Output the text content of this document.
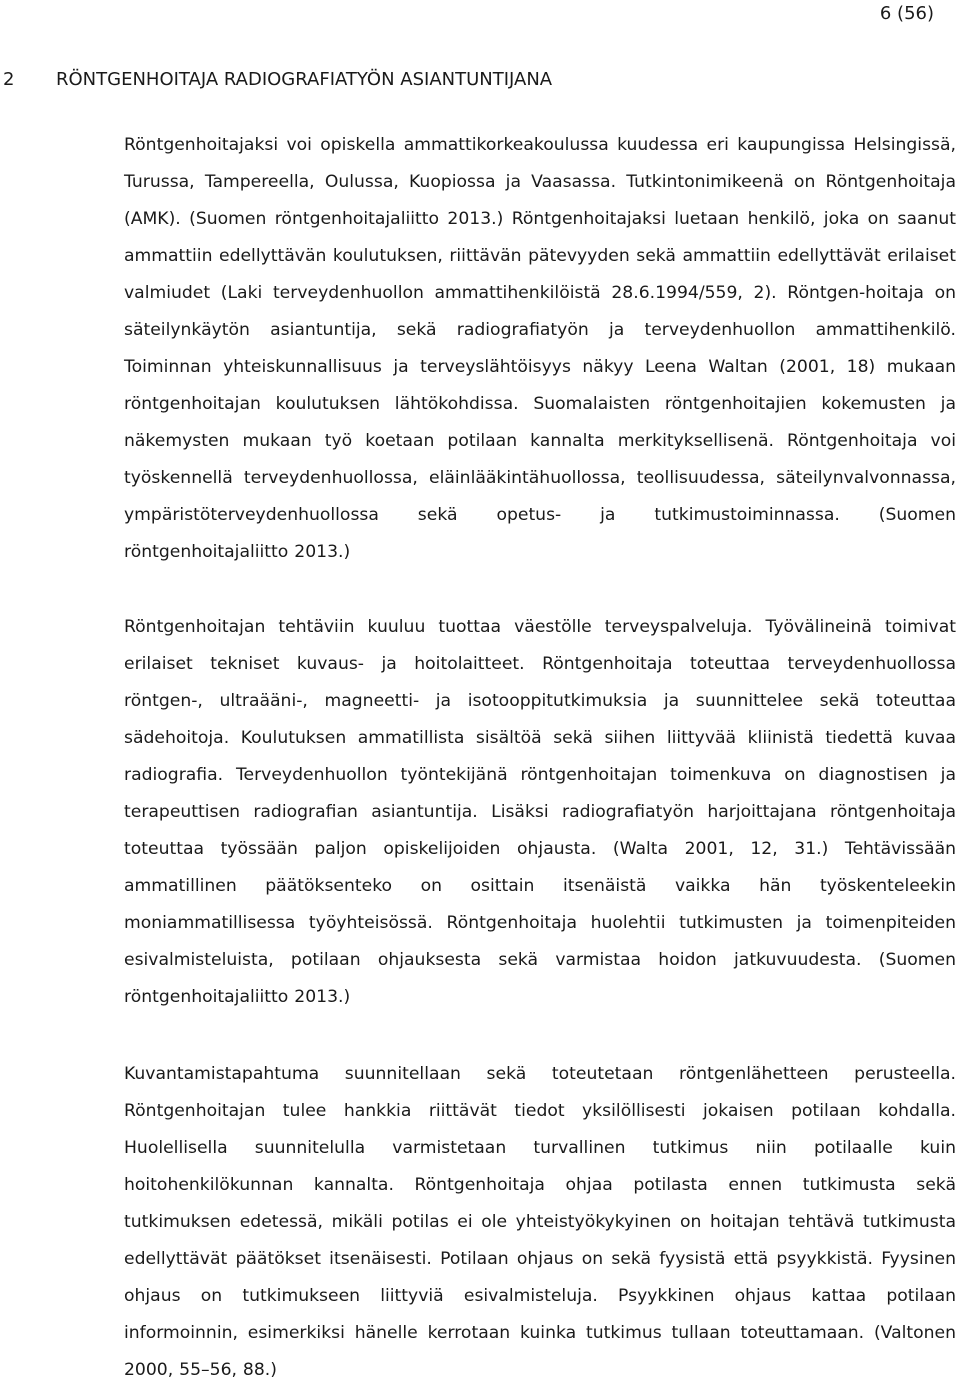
6 (56)
2 RÖNTGENHOITAJA RADIOGRAFIATYÖN ASIANTUNTIJANA

Röntgenhoitajaksi voi opiskella ammattikorkeakoulussa kuudessa eri kaupungissa Helsingissä, Turussa, Tampereella, Oulussa, Kuopiossa ja Vaasassa. Tutkintonimikeenä on Röntgenhoitaja (AMK). (Suomen röntgenhoitajaliitto 2013.) Röntgenhoitajaksi luetaan henkilö, joka on saanut ammattiin edellyttävän koulutuksen, riittävän pätevyyden sekä ammattiin edellyttävät erilaiset valmiudet (Laki terveydenhuollon ammattihenkilöistä 28.6.1994/559, 2). Röntgen-hoitaja on säteilynkäytön asiantuntija, sekä radiografiatyön ja terveydenhuollon ammattihenkilö. Toiminnan yhteiskunnallisuus ja terveyslähtöisyys näkyy Leena Waltan (2001, 18) mukaan röntgenhoitajan koulutuksen lähtökohdissa. Suomalaisten röntgenhoitajien kokemusten ja näkemysten mukaan työ koetaan potilaan kannalta merkityksellisenä. Röntgenhoitaja voi työskennellä terveydenhuollossa, eläinlääkintähuollossa, teollisuudessa, säteilynvalvonnassa, ympäristöterveydenhuollossa sekä opetus- ja tutkimustoiminnassa. (Suomen röntgenhoitajaliitto 2013.)

Röntgenhoitajan tehtäviin kuuluu tuottaa väestölle terveyspalveluja. Työvälineinä toimivat erilaiset tekniset kuvaus- ja hoitolaitteet. Röntgenhoitaja toteuttaa terveydenhuollossa röntgen-, ultraääni-, magneetti- ja isotooppitutkimuksia ja suunnittelee sekä toteuttaa sädehoitoja. Koulutuksen ammatillista sisältöä sekä siihen liittyvää kliinistä tiedettä kuvaa radiografia. Terveydenhuollon työntekijänä röntgenhoitajan toimenkuva on diagnostisen ja terapeuttisen radiografian asiantuntija. Lisäksi radiografiatyön harjoittajana röntgenhoitaja toteuttaa työssään paljon opiskelijoiden ohjausta. (Walta 2001, 12, 31.) Tehtävissään ammatillinen päätöksenteko on osittain itsenäistä vaikka hän työskenteleekin moniammatillisessa työyhteisössä. Röntgenhoitaja huolehtii tutkimusten ja toimenpiteiden esivalmisteluista, potilaan ohjauksesta sekä varmistaa hoidon jatkuvuudesta. (Suomen röntgenhoitajaliitto 2013.)

Kuvantamistapahtuma suunnitellaan sekä toteutetaan röntgenlähetteen perusteella. Röntgenhoitajan tulee hankkia riittävät tiedot yksilöllisesti jokaisen potilaan kohdalla. Huolellisella suunnitelulla varmistetaan turvallinen tutkimus niin potilaalle kuin hoitohenkilökunnan kannalta. Röntgenhoitaja ohjaa potilasta ennen tutkimusta sekä tutkimuksen edetessä, mikäli potilas ei ole yhteistyökykyinen on hoitajan tehtävä tutkimusta edellyttävät päätökset itsenäisesti. Potilaan ohjaus on sekä fyysistä että psyykkistä. Fyysinen ohjaus on tutkimukseen liittyviä esivalmisteluja. Psyykkinen ohjaus kattaa potilaan informoinnin, esimerkiksi hänelle kerrotaan kuinka tutkimus tullaan toteuttamaan. (Valtonen 2000, 55–56, 88.)
